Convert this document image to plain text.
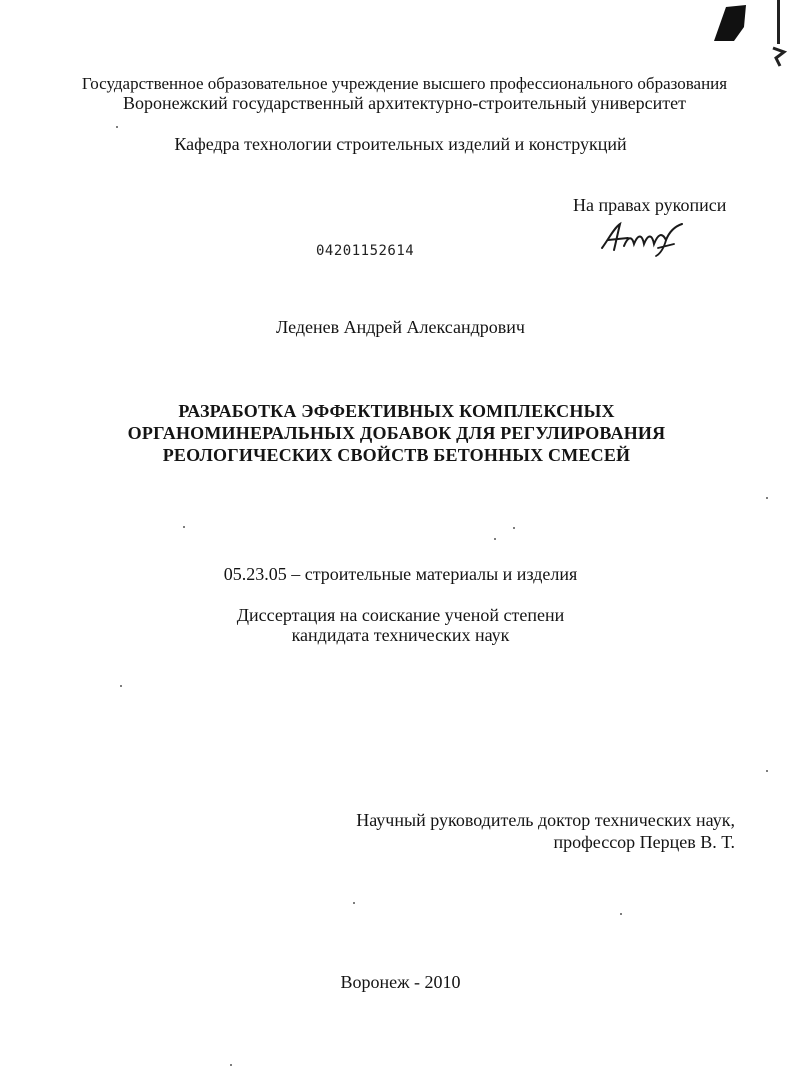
Государственное образовательное учреждение высшего профессионального образования
Воронежский государственный архитектурно-строительный университет
Кафедра технологии строительных изделий и конструкций
На правах рукописи
04201152614
Леденев Андрей Александрович
РАЗРАБОТКА ЭФФЕКТИВНЫХ КОМПЛЕКСНЫХ
ОРГАНОМИНЕРАЛЬНЫХ ДОБАВОК ДЛЯ РЕГУЛИРОВАНИЯ
РЕОЛОГИЧЕСКИХ СВОЙСТВ БЕТОННЫХ СМЕСЕЙ
05.23.05 – строительные материалы и изделия
Диссертация на соискание ученой степени
кандидата технических наук
Научный руководитель доктор технических наук,
профессор Перцев В. Т.
Воронеж - 2010
